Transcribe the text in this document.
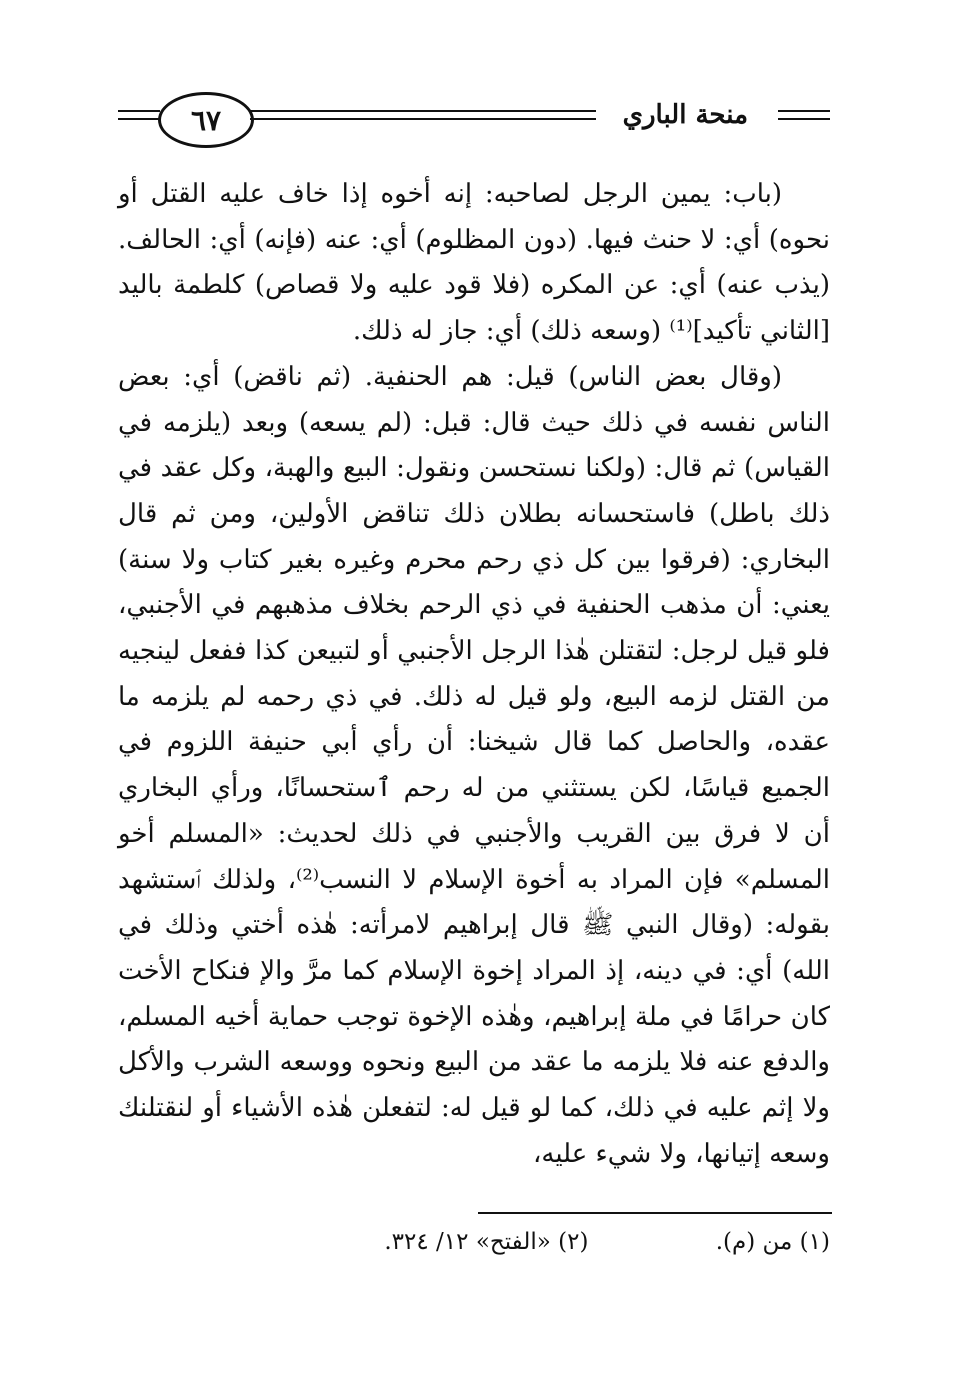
منحة الباري
٦٧

(باب: يمين الرجل لصاحبه: إنه أخوه إذا خاف عليه القتل أو نحوه) أي: لا حنث فيها. (دون المظلوم) أي: عنه (فإنه) أي: الحالف. (يذب عنه) أي: عن المكره (فلا قود عليه ولا قصاص) كلطمة باليد [الثاني تأكيد]⁽¹⁾ (وسعه ذلك) أي: جاز له ذلك.

(وقال بعض الناس) قيل: هم الحنفية. (ثم ناقض) أي: بعض الناس نفسه في ذلك حيث قال: قبل: (لم يسعه) وبعد (يلزمه في القياس) ثم قال: (ولكنا نستحسن ونقول: البيع والهبة، وكل عقد في ذلك باطل) فاستحسانه بطلان ذلك تناقض الأولين، ومن ثم قال البخاري: (فرقوا بين كل ذي رحم محرم وغيره بغير كتاب ولا سنة) يعني: أن مذهب الحنفية في ذي الرحم بخلاف مذهبهم في الأجنبي، فلو قيل لرجل: لتقتلن هٰذا الرجل الأجنبي أو لتبيعن كذا ففعل لينجيه من القتل لزمه البيع، ولو قيل له ذلك. في ذي رحمه لم يلزمه ما عقده، والحاصل كما قال شيخنا: أن رأي أبي حنيفة اللزوم في الجميع قياسًا، لكن يستثني من له رحم ٱستحسانًا، ورأي البخاري أن لا فرق بين القريب والأجنبي في ذلك لحديث: «المسلم أخو المسلم» فإن المراد به أخوة الإسلام لا النسب⁽²⁾، ولذلك ٱستشهد بقوله: (وقال النبي ﷺ قال إبراهيم لامرأته: هٰذه أختي وذلك في الله) أي: في دينه، إذ المراد إخوة الإسلام كما مرَّ والإ فنكاح الأخت كان حرامًا في ملة إبراهيم، وهٰذه الإخوة توجب حماية أخيه المسلم، والدفع عنه فلا يلزمه ما عقد من البيع ونحوه ووسعه الشرب والأكل ولا إثم عليه في ذلك، كما لو قيل له: لتفعلن هٰذه الأشياء أو لنقتلنك وسعه إتيانها، ولا شيء عليه،

(١) من (م). (٢) «الفتح» ١٢/ ٣٢٤.
